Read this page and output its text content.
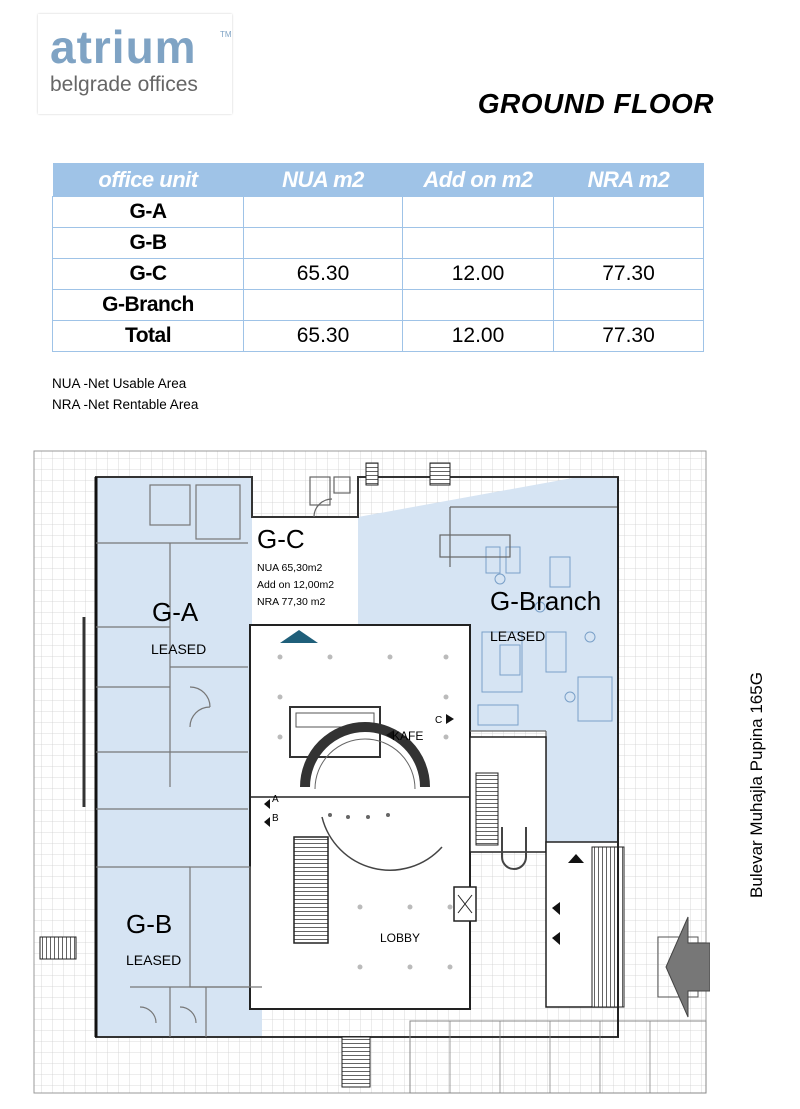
atrium	TM
belgrade offices
GROUND FLOOR
office unit	NUA m2	Add on m2	NRA m2
G-A			
G-B			
G-C	65.30	12.00	77.30
G-Branch			
Total	65.30	12.00	77.30
NUA -Net Usable Area
NRA -Net Rentable Area
G-C
NUA 65,30m2
Add on 12,00m2
NRA 77,30 m2
G-A
LEASED
G-B
LEASED
G-Branch
LEASED
KAFE
LOBBY
A
B
C	Bulevar Muhajla Pupina 165G
